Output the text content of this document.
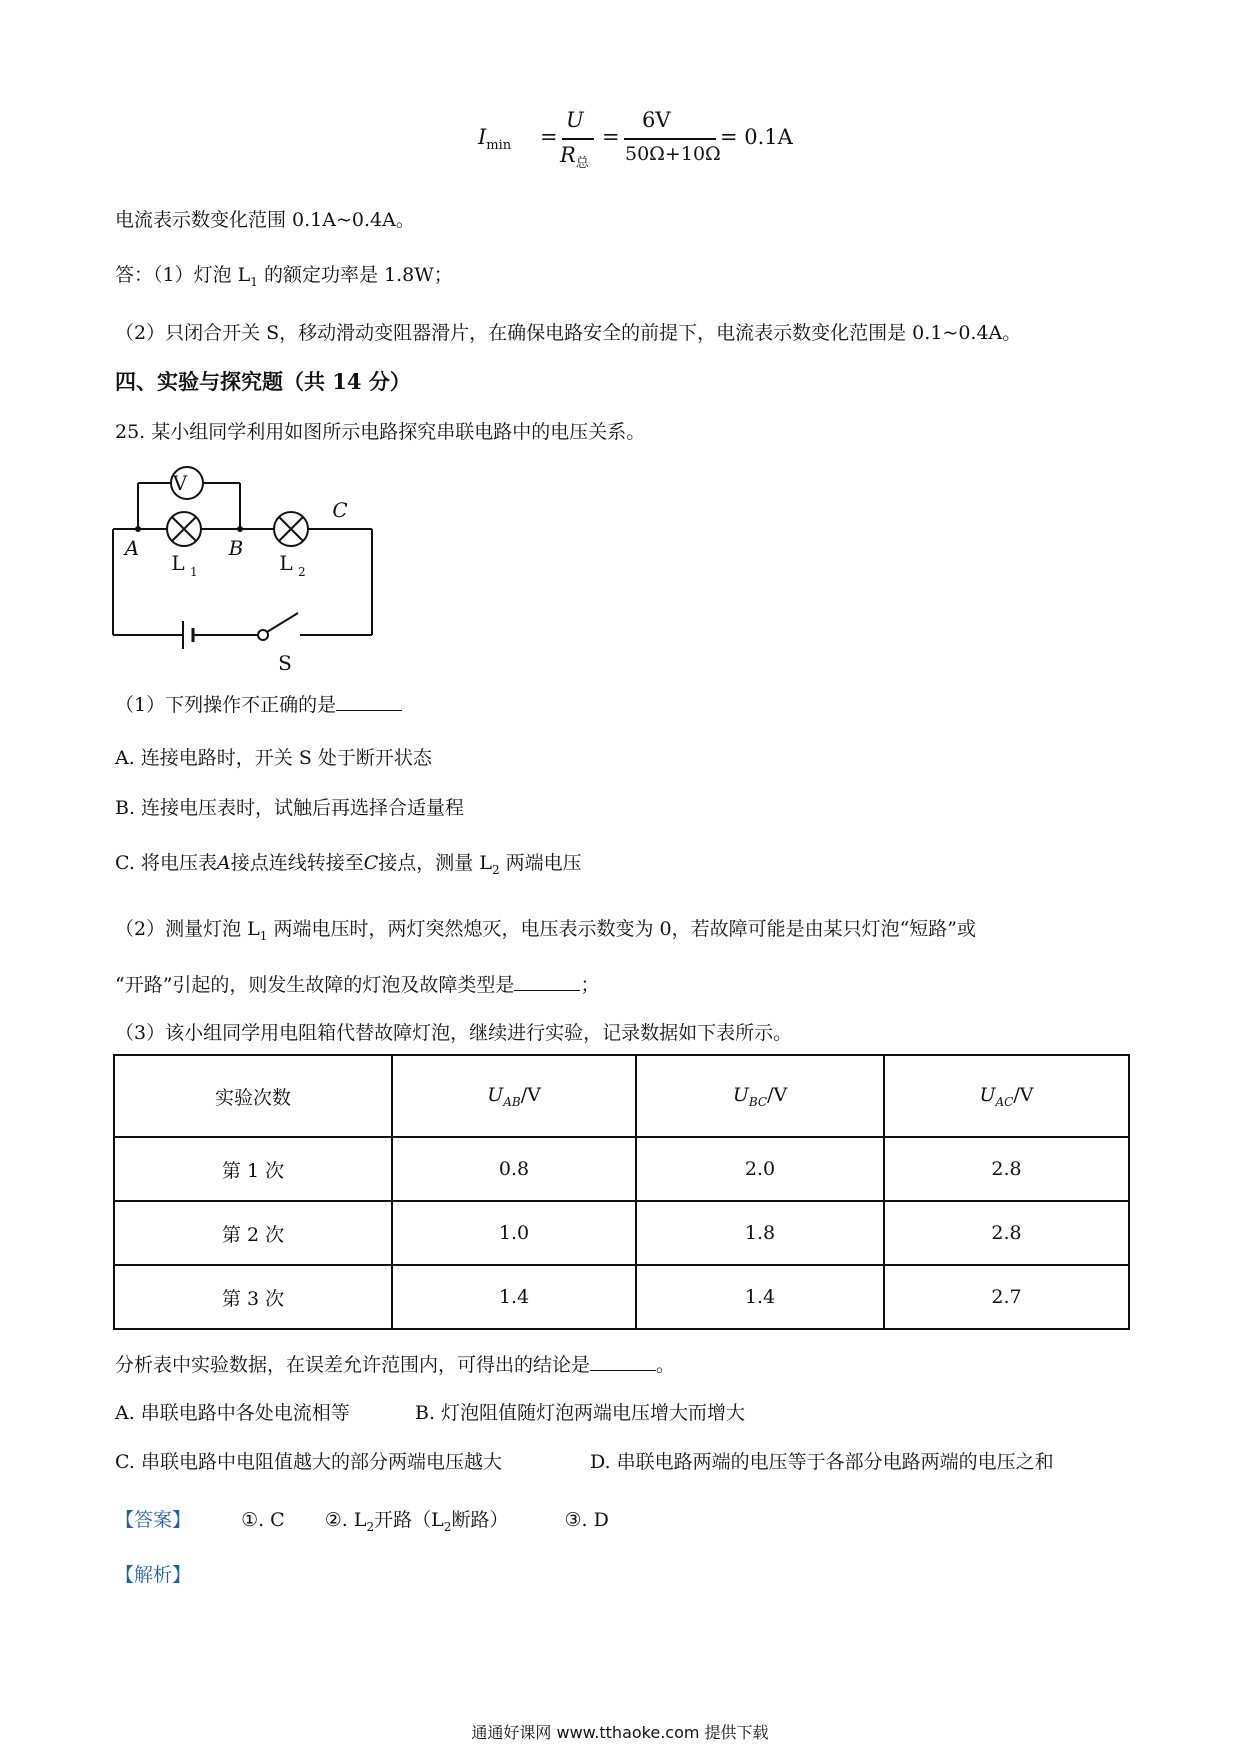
$I_{min}$ =
U
$R_总$
=
6V
50Ω+10Ω
= 0.1A
电流表示数变化范围 0.1A~0.4A。
答：（1）灯泡 $L_1$ 的额定功率是 1.8W；
（2）只闭合开关 S，移动滑动变阻器滑片，在确保电路安全的前提下，电流表示数变化范围是 0.1~0.4A。
四、实验与探究题（共 14 分）
25. 某小组同学利用如图所示电路探究串联电路中的电压关系。
V
A	B
C
L 1	L 2
S
（1）下列操作不正确的是
A. 连接电路时，开关 S 处于断开状态
B. 连接电压表时，试触后再选择合适量程
C. 将电压表A接点连线转接至C接点，测量 $L_2$ 两端电压
（2）测量灯泡 $L_1$ 两端电压时，两灯突然熄灭，电压表示数变为 0，若故障可能是由某只灯泡“短路”或
“开路”引起的，则发生故障的灯泡及故障类型是	；
（3）该小组同学用电阻箱代替故障灯泡，继续进行实验，记录数据如下表所示。
实验次数	$U_{AB}/V$	$U_{BC}/V$	$U_{AC}/V$
第 1 次	0.8	2.0	2.8
第 2 次	1.0	1.8	2.8
第 3 次	1.4	1.4	2.7
分析表中实验数据，在误差允许范围内，可得出的结论是	。
A. 串联电路中各处电流相等	B. 灯泡阻值随灯泡两端电压增大而增大
C. 串联电路中电阻值越大的部分两端电压越大	D. 串联电路两端的电压等于各部分电路两端的电压之和
【答案】	①. C ②. $L_2$开路（$L_2$断路）	③. D
【解析】
通通好课网 www.tthaoke.com 提供下载
